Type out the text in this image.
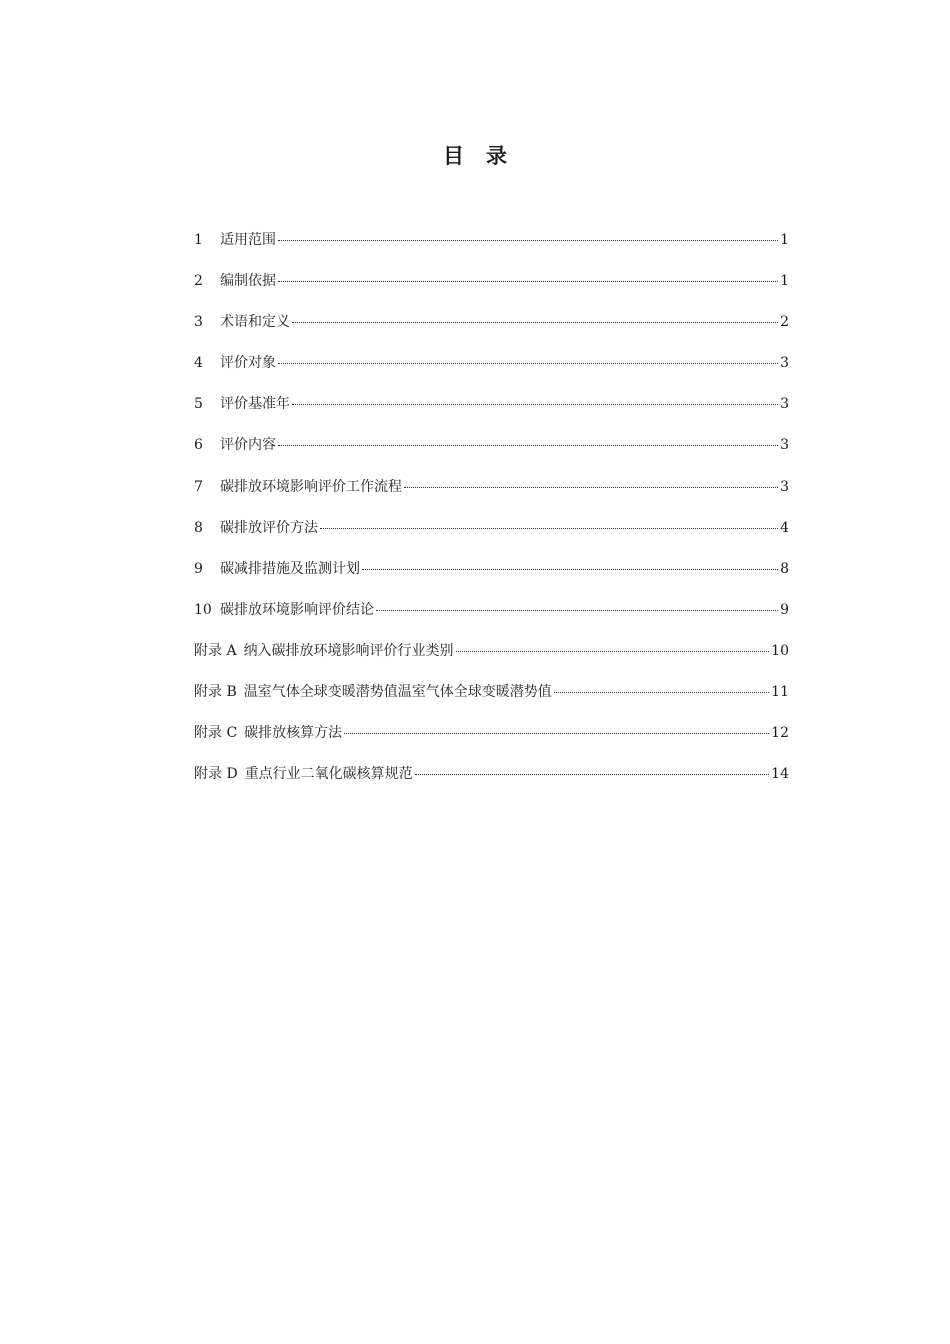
目 录
1	适用范围	1
2	编制依据	1
3	术语和定义	2
4	评价对象	3
5	评价基准年	3
6	评价内容	3
7	碳排放环境影响评价工作流程	3
8	碳排放评价方法	4
9	碳减排措施及监测计划	8
10 碳排放环境影响评价结论	9
附录 A 纳入碳排放环境影响评价行业类别	10
附录 B 温室气体全球变暖潜势值温室气体全球变暖潜势值	11
附录 C 碳排放核算方法	12
附录 D 重点行业二氧化碳核算规范	14
